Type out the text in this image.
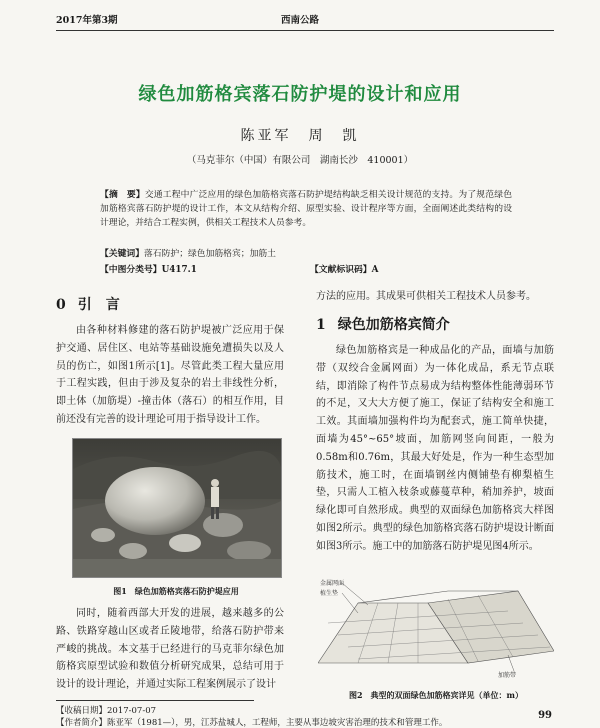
2017年第3期	西南公路
绿色加筋格宾落石防护堤的设计和应用
陈亚军　周　凯
（马克菲尔（中国）有限公司　湖南长沙　410001）
【摘　要】交通工程中广泛应用的绿色加筋格宾落石防护堤结构缺乏相关设计规范的支持。为了规范绿色加筋格宾落石防护堤的设计工作，本文从结构介绍、原型实验、设计程序等方面，全面阐述此类结构的设计理论，并结合工程实例，供相关工程技术人员参考。
【关键词】落石防护；绿色加筋格宾；加筋土
【中图分类号】U417.1	【文献标识码】A
0 引　言

由各种材料修建的落石防护堤被广泛应用于保护交通、居住区、电站等基础设施免遭损失以及人员的伤亡，如图1所示[1]。尽管此类工程大量应用于工程实践，但由于涉及复杂的岩土非线性分析，即土体（加筋堤）-撞击体（落石）的相互作用，目前还没有完善的设计理论可用于指导设计工作。

图1　绿色加筋格宾落石防护堤应用

同时，随着西部大开发的进展，越来越多的公路、铁路穿越山区或者丘陵地带，给落石防护带来严峻的挑战。本文基于已经进行的马克菲尔绿色加筋格宾原型试验和数值分析研究成果，总结可用于设计的设计理论，并通过实际工程案例展示了设计

方法的应用。其成果可供相关工程技术人员参考。
1 绿色加筋格宾简介

绿色加筋格宾是一种成品化的产品，面墙与加筋带（双绞合金属网面）为一体化成品，系无节点联结，即消除了构件节点易成为结构整体性能薄弱环节的不足，又大大方便了施工，保证了结构安全和施工工效。其面墙加强构件均为配套式，施工简单快捷，面墙为45°~65°坡面，加筋网竖向间距，一般为0.58m和0.76m，其最大好处是，作为一种生态型加筋技术，施工时，在面墙钢丝内侧铺垫有柳梨植生垫，只需人工植入枝条或藤蔓草种，稍加养护，坡面绿化即可自然形成。典型的双面绿色加筋格宾大样图如图2所示。典型的绿色加筋格宾落石防护堤设计断面如图3所示。施工中的加筋落石防护堤见图4所示。

金属网面
植生垫
加筋带
图2　典型的双面绿色加筋格宾详见（单位：m）
【收稿日期】2017-07-07
【作者简介】陈亚军（1981—），男，江苏盐城人，工程师，主要从事边坡灾害治理的技术和管理工作。
99
